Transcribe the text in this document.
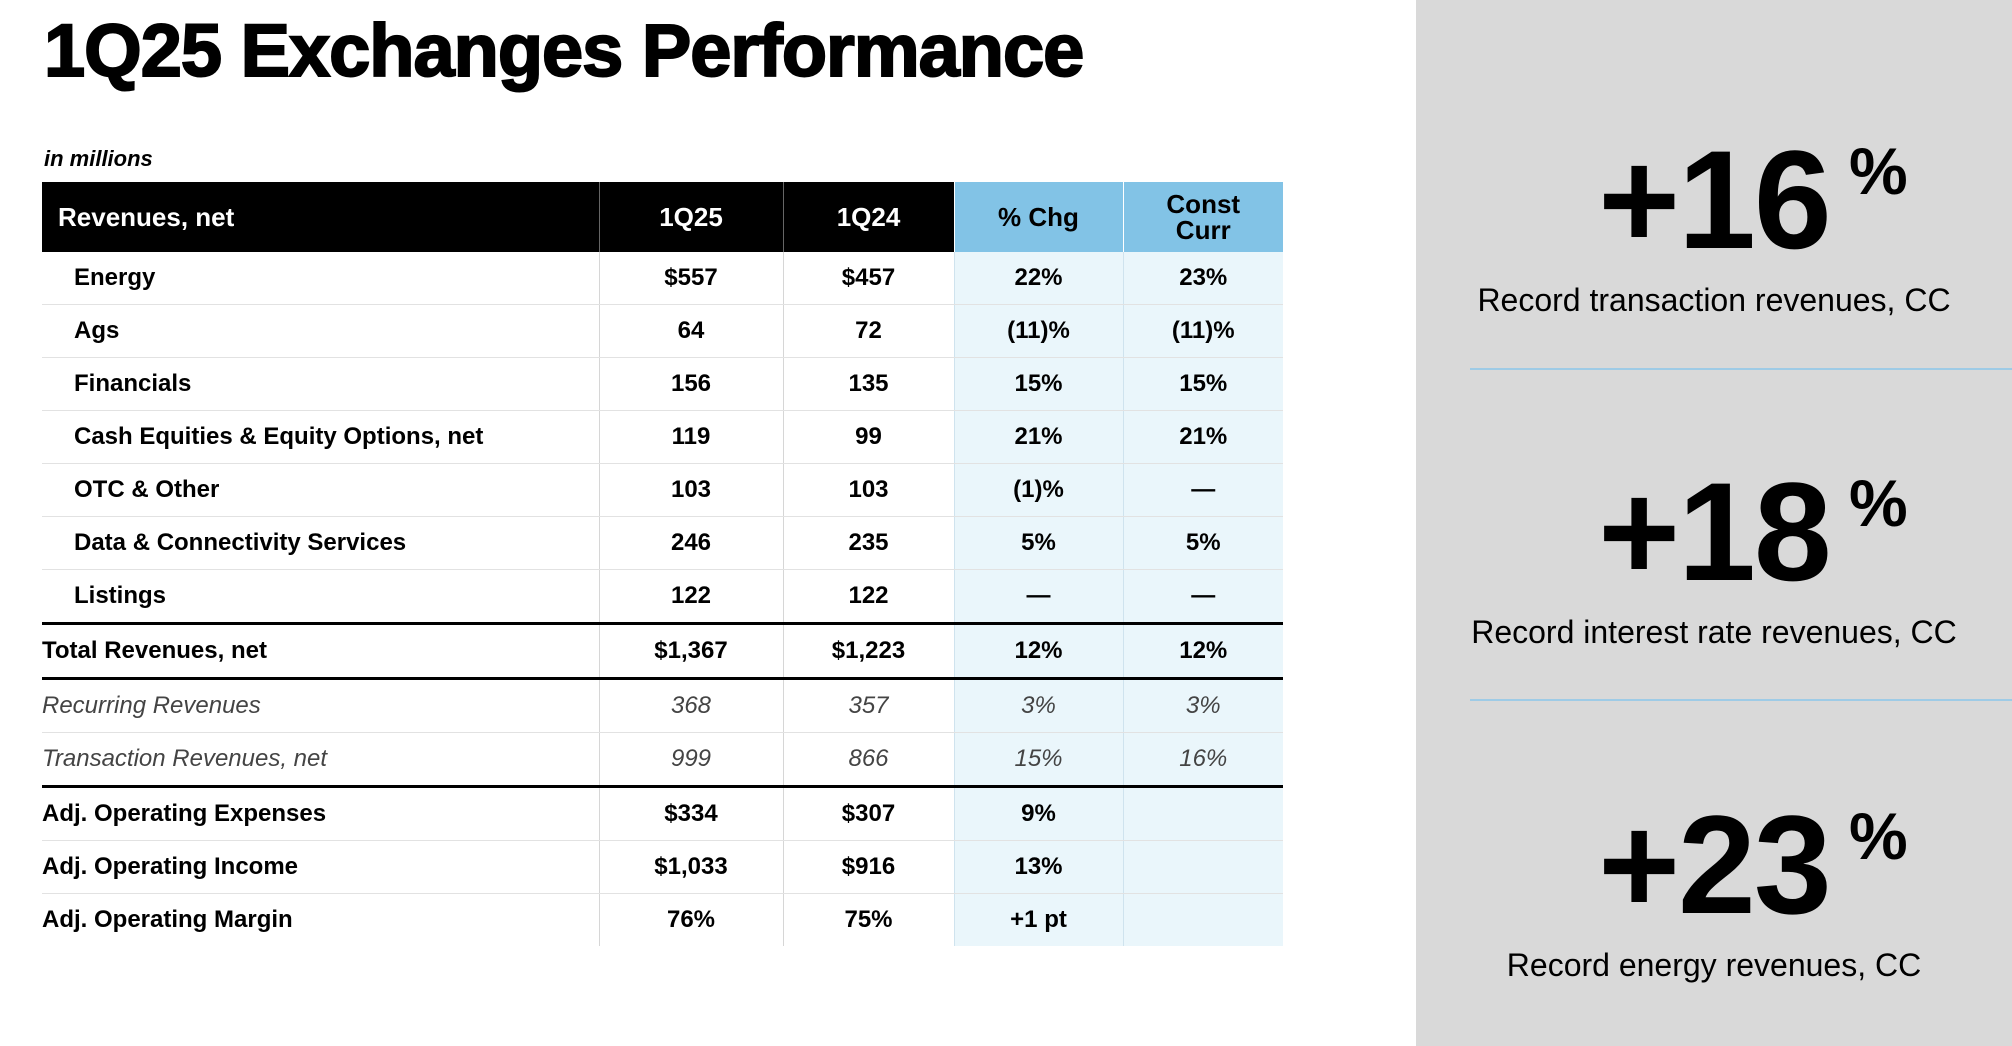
1Q25 Exchanges Performance
in millions
Revenues, net	1Q25	1Q24	% Chg	Const Curr
Energy	$557	$457	22%	23%
Ags	64	72	(11)%	(11)%
Financials	156	135	15%	15%
Cash Equities & Equity Options, net	119	99	21%	21%
OTC & Other	103	103	(1)%	—
Data & Connectivity Services	246	235	5%	5%
Listings	122	122	—	—
Total Revenues, net	$1,367	$1,223	12%	12%
Recurring Revenues	368	357	3%	3%
Transaction Revenues, net	999	866	15%	16%
Adj. Operating Expenses	$334	$307	9%	
Adj. Operating Income	$1,033	$916	13%	
Adj. Operating Margin	76%	75%	+1 pt	
+16 %
Record transaction revenues, CC
+18 %
Record interest rate revenues, CC
+23 %
Record energy revenues, CC
